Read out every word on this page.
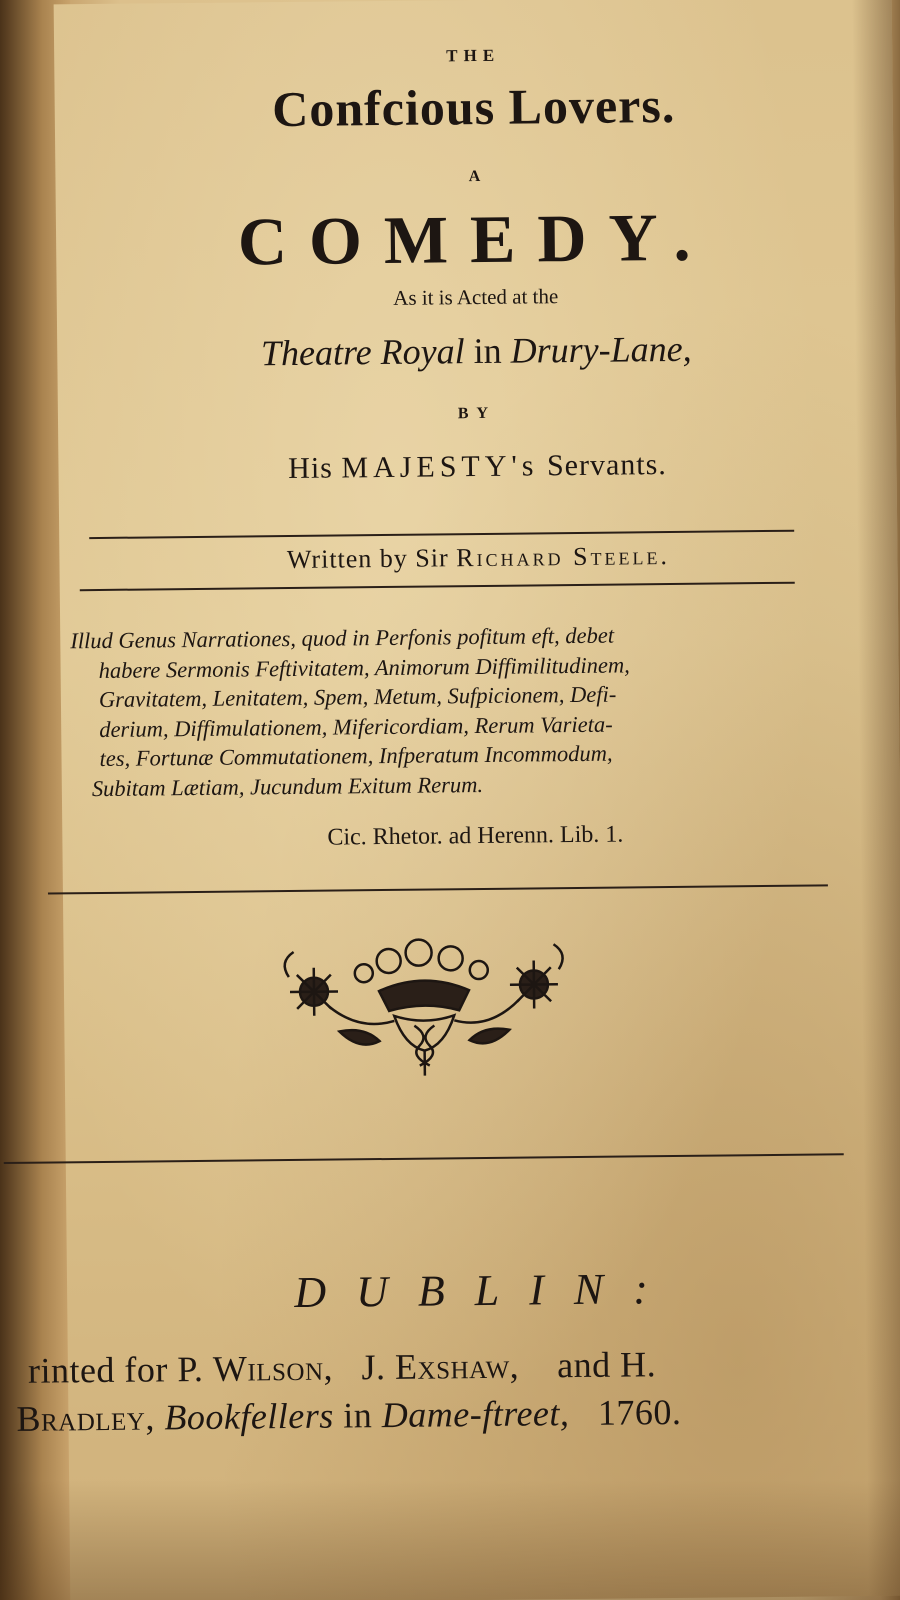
THE
Confcious Lovers.
A
COMEDY.
As it is Acted at the
Theatre Royal in Drury-Lane,
BY
His MAJESTY's Servants.
Written by Sir Richard Steele.
Illud Genus Narrationes, quod in Perfonis pofitum eft, debet
habere Sermonis Feftivitatem, Animorum Diffimilitudinem,
Gravitatem, Lenitatem, Spem, Metum, Sufpicionem, Defi-
derium, Diffimulationem, Mifericordiam, Rerum Varieta-
tes, Fortunæ Commutationem, Infperatum Incommodum,
Subitam Lætiam, Jucundum Exitum Rerum.
Cic. Rhetor. ad Herenn. Lib. 1.
DUBLIN:
rinted for P. Wilson, J. Exshaw, and H.
Bradley, Bookfellers in Dame-ftreet, 1760.
